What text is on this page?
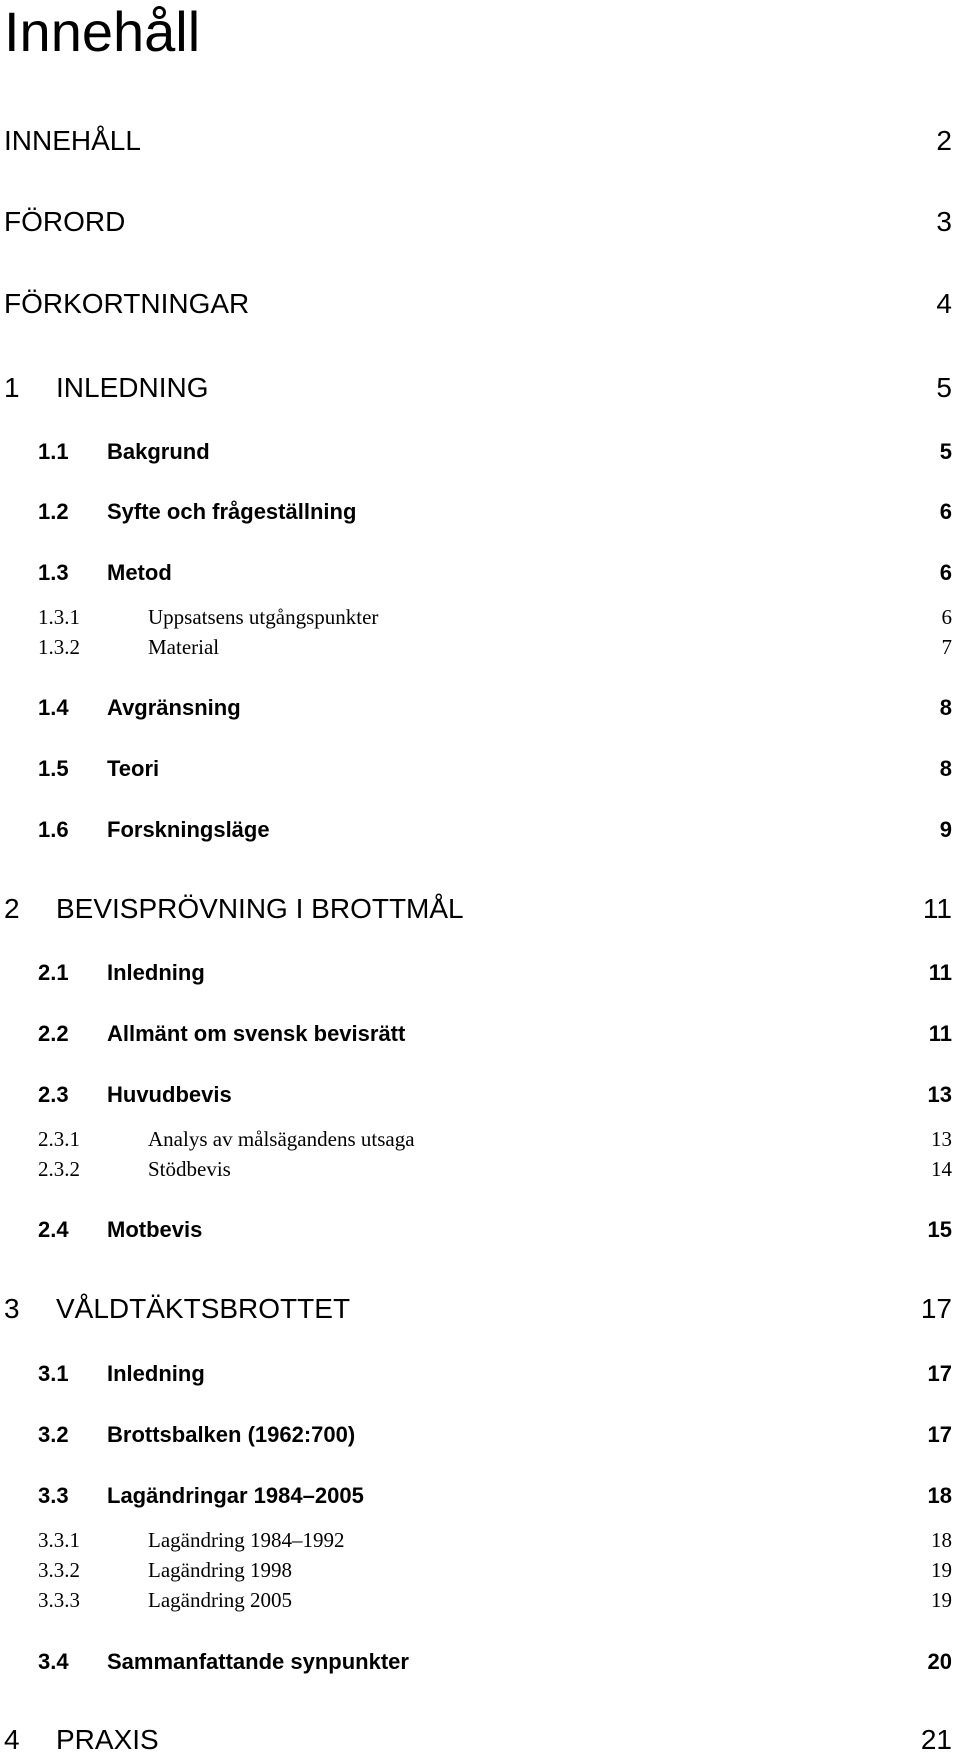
Innehåll
INNEHÅLL	2
FÖRORD	3
FÖRKORTNINGAR	4
1 INLEDNING	5
1.1 Bakgrund	5
1.2 Syfte och frågeställning	6
1.3 Metod	6
1.3.1	Uppsatsens utgångspunkter	6
1.3.2	Material	7
1.4 Avgränsning	8
1.5 Teori	8
1.6 Forskningsläge	9
2 BEVISPRÖVNING I BROTTMÅL	11
2.1 Inledning	11
2.2 Allmänt om svensk bevisrätt	11
2.3 Huvudbevis	13
2.3.1	Analys av målsägandens utsaga	13
2.3.2	Stödbevis	14
2.4 Motbevis	15
3 VÅLDTÄKTSBROTTET	17
3.1 Inledning	17
3.2 Brottsbalken (1962:700)	17
3.3 Lagändringar 1984–2005	18
3.3.1	Lagändring 1984–1992	18
3.3.2	Lagändring 1998	19
3.3.3	Lagändring 2005	19
3.4 Sammanfattande synpunkter	20
4 PRAXIS	21
